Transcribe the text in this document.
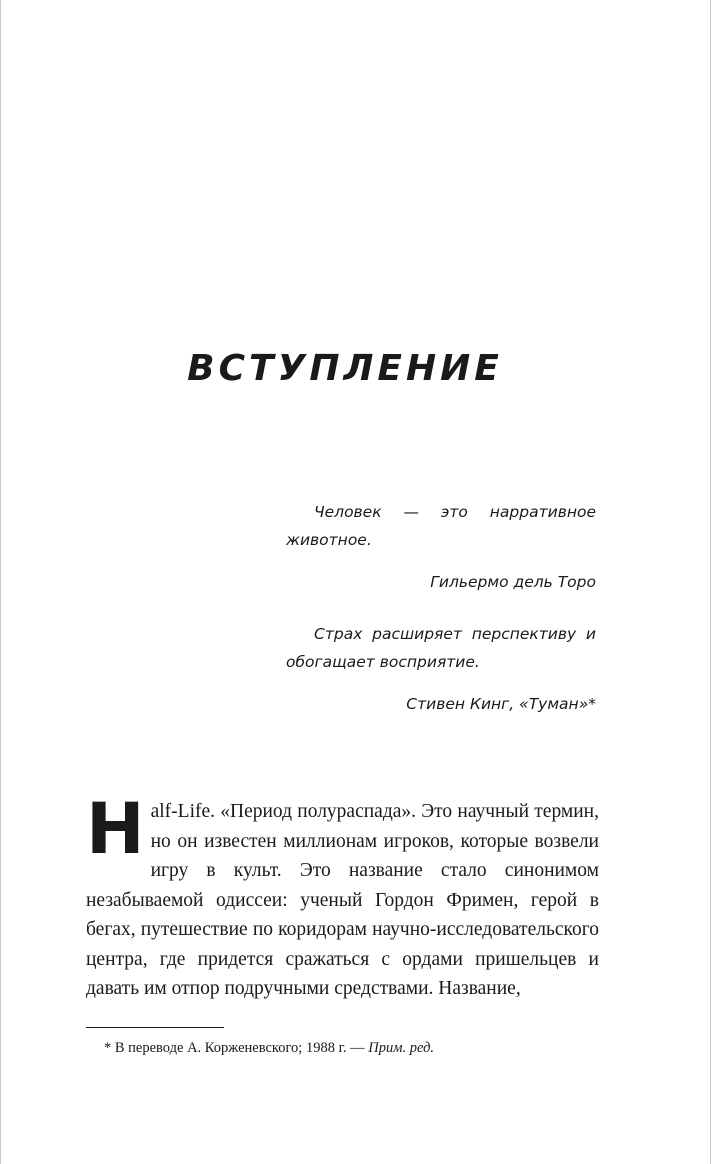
ВСТУПЛЕНИЕ

Человек — это нарративное животное.

Гильермо дель Торо

Страх расширяет перспективу и обогащает восприятие.

Стивен Кинг, «Туман»*

Half-Life. «Период полураспада». Это научный термин, но он известен миллионам игроков, которые возвели игру в культ. Это название стало синонимом незабываемой одиссеи: ученый Гордон Фримен, герой в бегах, путешествие по коридорам научно-исследовательского центра, где придется сражаться с ордами пришельцев и давать им отпор подручными средствами. Название,

* В переводе А. Корженевского; 1988 г. — Прим. ред.
